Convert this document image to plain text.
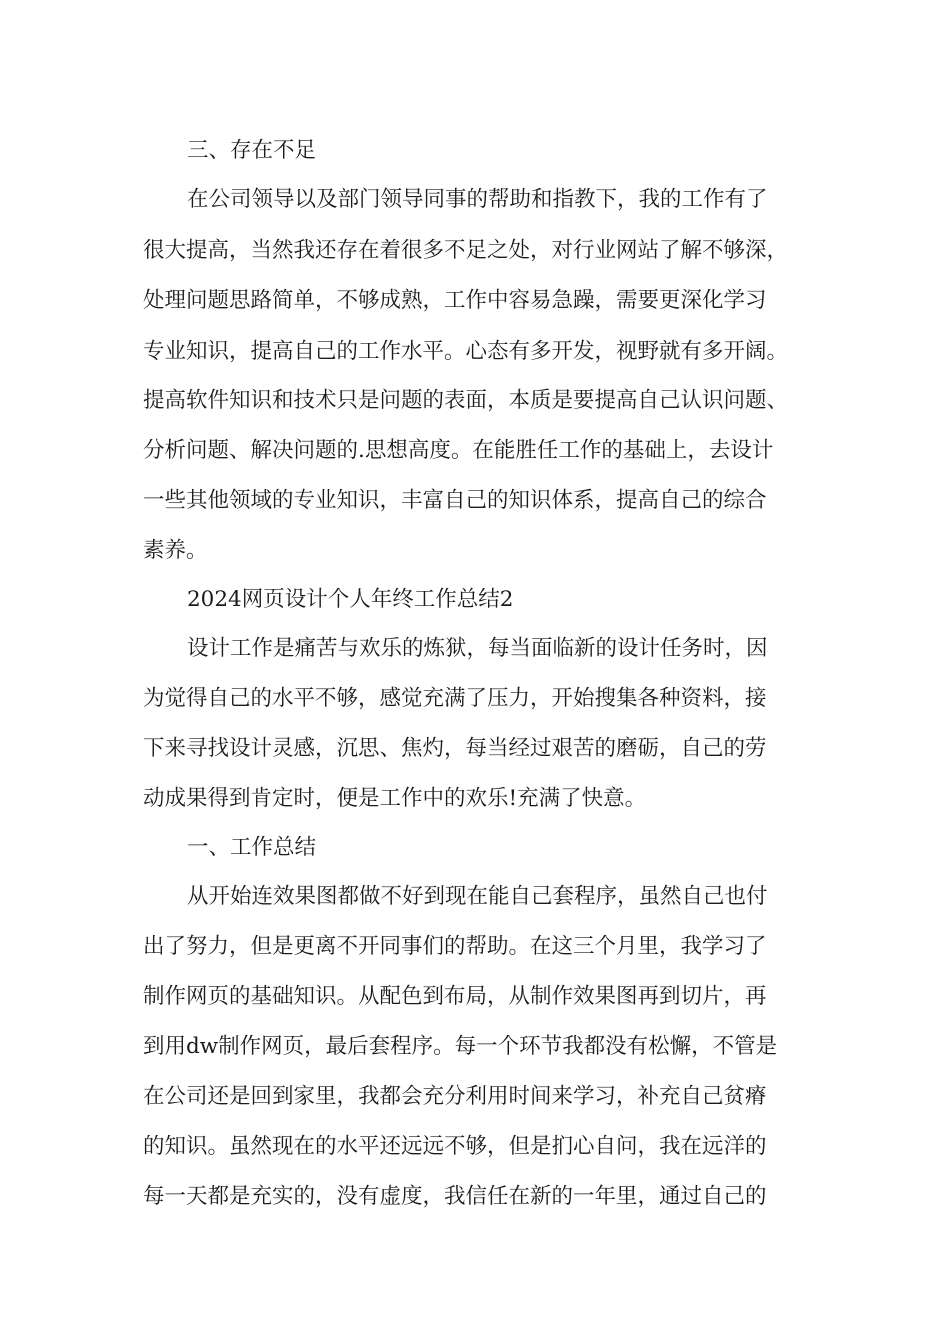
三、存在不足

在公司领导以及部门领导同事的帮助和指教下，我的工作有了

很大提高，当然我还存在着很多不足之处，对行业网站了解不够深，

处理问题思路简单，不够成熟，工作中容易急躁，需要更深化学习

专业知识，提高自己的工作水平。心态有多开发，视野就有多开阔。

提高软件知识和技术只是问题的表面，本质是要提高自己认识问题、

分析问题、解决问题的.思想高度。在能胜任工作的基础上，去设计

一些其他领域的专业知识，丰富自己的知识体系，提高自己的综合

素养。

2024网页设计个人年终工作总结2

设计工作是痛苦与欢乐的炼狱，每当面临新的设计任务时，因

为觉得自己的水平不够，感觉充满了压力，开始搜集各种资料，接

下来寻找设计灵感，沉思、焦灼，每当经过艰苦的磨砺，自己的劳

动成果得到肯定时，便是工作中的欢乐!充满了快意。

一、工作总结

从开始连效果图都做不好到现在能自己套程序，虽然自己也付

出了努力，但是更离不开同事们的帮助。在这三个月里，我学习了

制作网页的基础知识。从配色到布局，从制作效果图再到切片，再

到用dw制作网页，最后套程序。每一个环节我都没有松懈，不管是

在公司还是回到家里，我都会充分利用时间来学习，补充自己贫瘠

的知识。虽然现在的水平还远远不够，但是扪心自问，我在远洋的

每一天都是充实的，没有虚度，我信任在新的一年里，通过自己的
